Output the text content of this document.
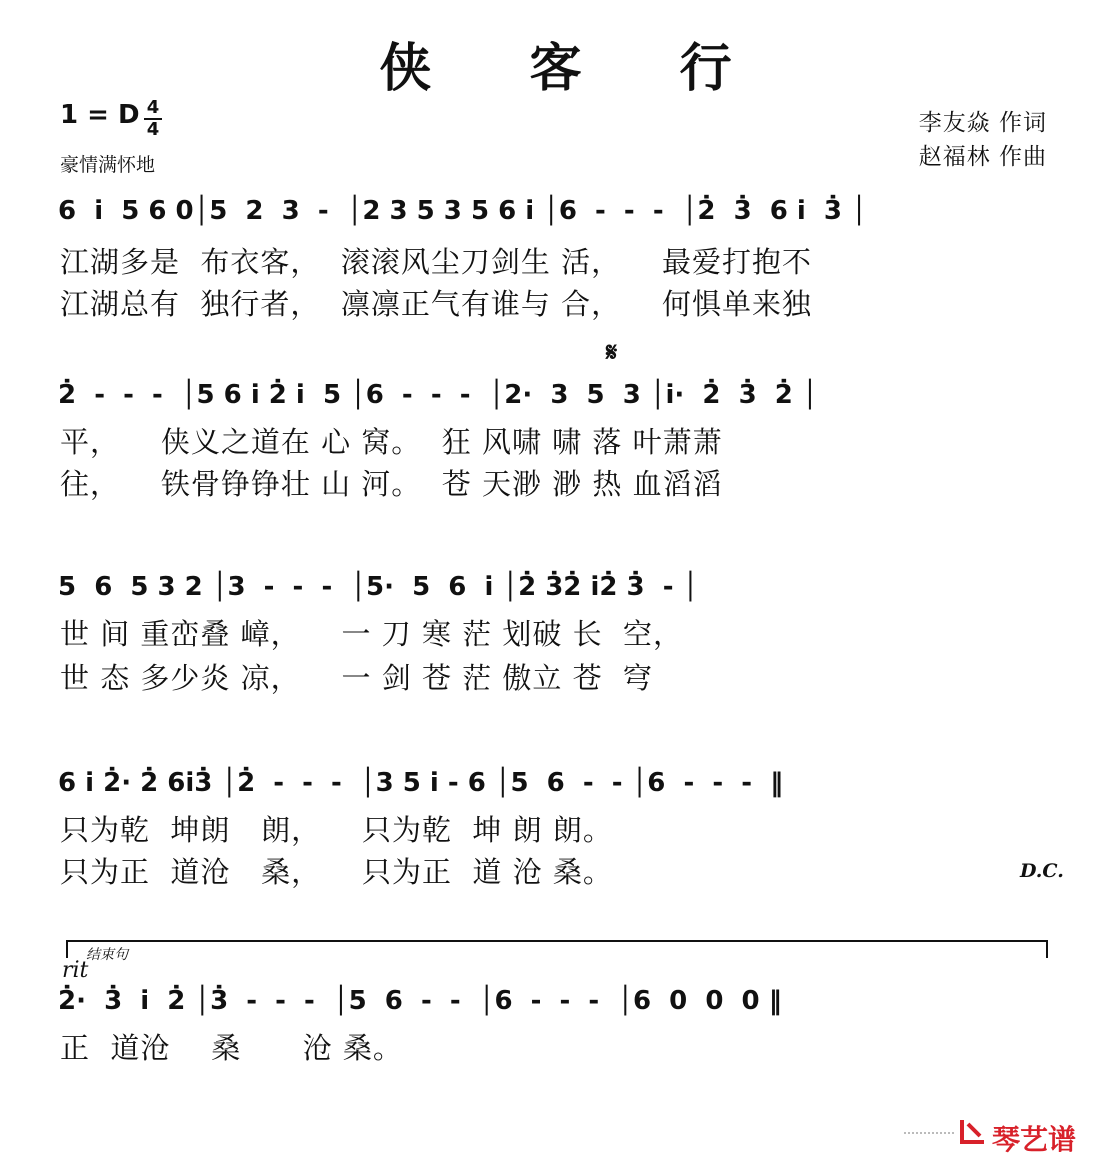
侠 客 行
1 = D 4
4
豪情满怀地
李友焱 作词
赵福林 作曲
6  i̇  5 6 0│5  2  3  -  │2 3 5 3 5 6 i̇ │6  -  -  -  │2̇  3̇  6 i̇  3̇ │
江湖多是  布衣客，  滚滚风尘刀剑生 活，    最爱打抱不
江湖总有  独行者，  凛凛正气有谁与 合，    何惧单来独
𝄋
2̇  -  -  -  │5 6 i̇ 2̇ i̇  5 │6  -  -  -  │2·  3  5  3 │i̇·  2̇  3̇  2̇ │
平，    侠义之道在 心 窝。  狂 风啸 啸 落 叶萧萧
往，    铁骨铮铮壮 山 河。  苍 天渺 渺 热 血滔滔
5  6  5 3 2 │3  -  -  -  │5·  5  6  i̇ │2̇ 3̇2̇ i̇2̇ 3̇  - │
世 间 重峦叠 嶂，    一 刀 寒 茫 划破 长  空，
世 态 多少炎 凉，    一 剑 苍 茫 傲立 苍  穹
6 i̇ 2̇· 2̇ 6i̇3̇ │2̇  -  -  -  │3 5 i̇ - 6 │5  6  -  - │6  -  -  -  ‖
只为乾  坤朗   朗，    只为乾  坤 朗 朗。
只为正  道沧   桑，    只为正  道 沧 桑。	D.C.
结束句
rit
2̇·  3̇  i̇  2̇ │3̇  -  -  -  │5  6  -  -  │6  -  -  -  │6  0  0  0 ‖
正  道沧    桑      沧 桑。
琴艺谱
